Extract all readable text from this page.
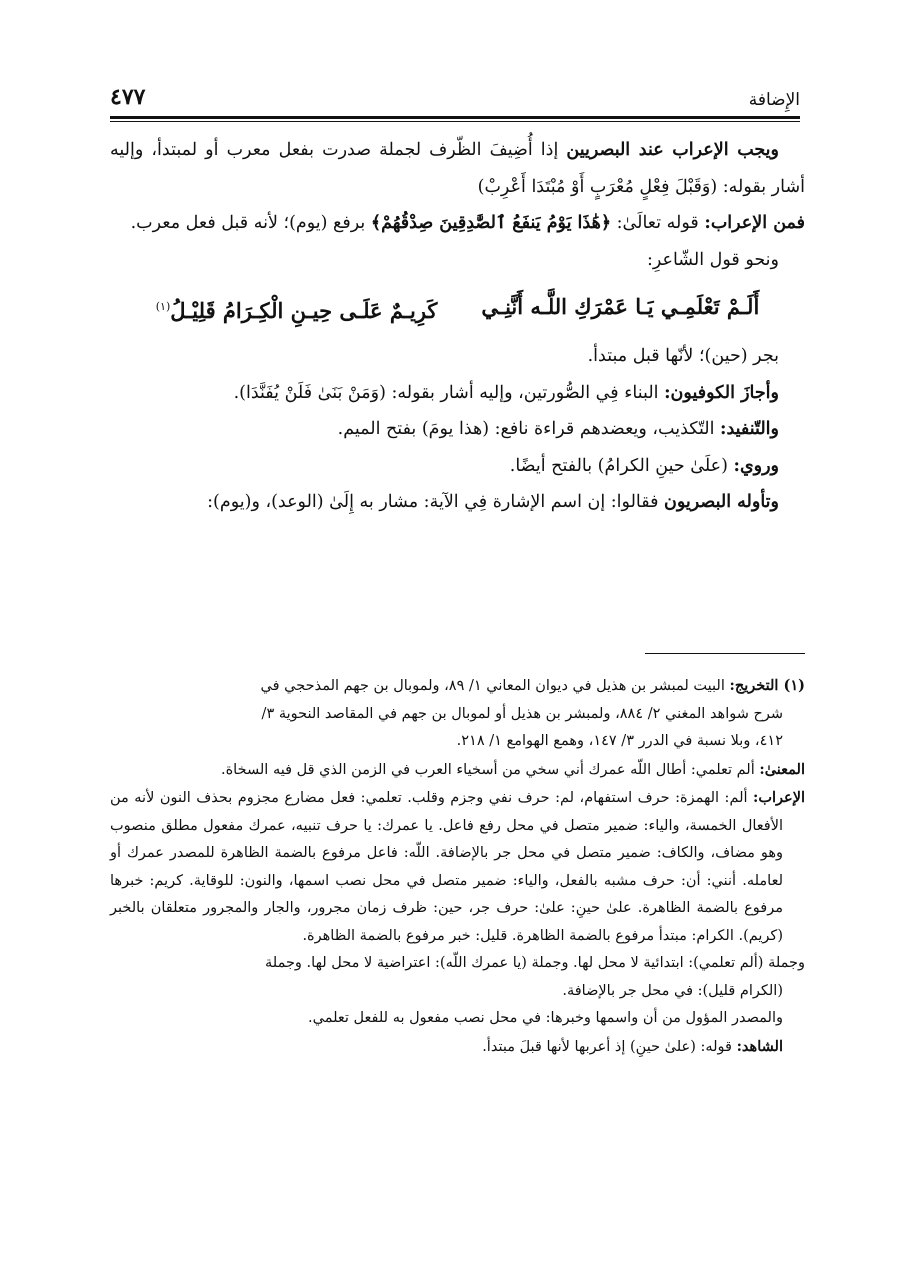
الإِضافة
٤٧٧

ويجب الإعراب عند البصريين إذا أُضِيفَ الظّرف لجملة صدرت بفعل معرب أو لمبتدأ، وإليه أشار بقوله: (وَقَبْلَ فِعْلٍ مُعْرَبٍ أَوْ مُبْتَدَا أَعْرِبْ)

فمن الإعراب: قوله تعالَىٰ: ﴿هَٰذَا يَوْمُ يَنفَعُ ٱلصَّٰدِقِينَ صِدْقُهُمْ﴾ برفع (يوم)؛ لأنه قبل فعل معرب.

ونحو قول الشّاعرِ:

أَلَـمْ تَعْلَمِـي يَـا عَمْرَكِ اللَّـه أَنَّنِـي
كَرِيـمٌ عَلَـى حِيـنِ الْكِـرَامُ قَلِيْـلُ$^{(١)}$

بجر (حين)؛ لأنّها قبل مبتدأ.

وأجازَ الكوفيون: البناء فِي الصُّورتين، وإليه أشار بقوله: (وَمَنْ بَنَىٰ فَلَنْ يُفَنَّدَا).

والتّنفيد: التّكذيب، ويعضدهم قراءة نافع: (هذا يومَ) بفتح الميم.

وروي: (علَىٰ حينِ الكرامُ) بالفتح أيضًا.

وتأوله البصريون فقالوا: إن اسم الإشارة فِي الآية: مشار به إِلَىٰ (الوعد)، و(يوم):

(١) التخريج: البيت لمبشر بن هذيل في ديوان المعاني ١/ ٨٩، ولموبال بن جهم المذحجي في

شرح شواهد المغني ٢/ ٨٨٤، ولمبشر بن هذيل أو لموبال بن جهم في المقاصد النحوية ٣/

٤١٢، وبلا نسبة في الدرر ٣/ ١٤٧، وهمع الهوامع ١/ ٢١٨.

المعنىٰ: ألم تعلمي: أطال اللّه عمرك أني سخي من أسخياء العرب في الزمن الذي قل فيه السخاة.

الإعراب: ألم: الهمزة: حرف استفهام، لم: حرف نفي وجزم وقلب. تعلمي: فعل مضارع مجزوم بحذف النون لأنه من الأفعال الخمسة، والياء: ضمير متصل في محل رفع فاعل. يا عمرك: يا حرف تنبيه، عمرك مفعول مطلق منصوب وهو مضاف، والكاف: ضمير متصل في محل جر بالإضافة. اللّه: فاعل مرفوع بالضمة الظاهرة للمصدر عمرك أو لعامله. أنني: أن: حرف مشبه بالفعل، والياء: ضمير متصل في محل نصب اسمها، والنون: للوقاية. كريم: خبرها مرفوع بالضمة الظاهرة. علىٰ حينِ: علىٰ: حرف جر، حين: ظرف زمان مجرور، والجار والمجرور متعلقان بالخبر (كريم). الكرام: مبتدأ مرفوع بالضمة الظاهرة. قليل: خبر مرفوع بالضمة الظاهرة.

وجملة (ألم تعلمي): ابتدائية لا محل لها. وجملة (يا عمرك اللّه): اعتراضية لا محل لها. وجملة

(الكرام قليل): في محل جر بالإضافة.

والمصدر المؤول من أن واسمها وخبرها: في محل نصب مفعول به للفعل تعلمي.

الشاهد: قوله: (علىٰ حينِ) إذ أعربها لأنها قبلَ مبتدأ.
